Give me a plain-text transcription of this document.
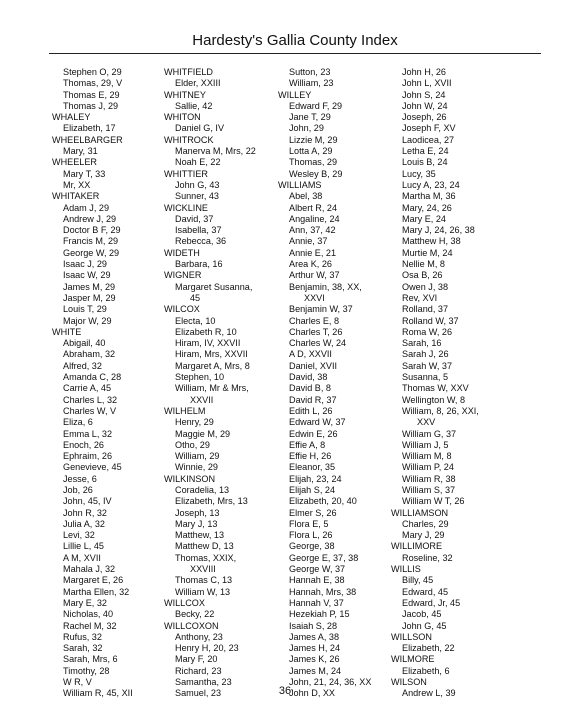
Hardesty's Gallia County Index
Stephen O, 29
Thomas, 29, V
Thomas E, 29
Thomas J, 29
WHALEY
Elizabeth, 17
WHEELBARGER
Mary, 31
WHEELER
Mary T, 33
Mr, XX
WHITAKER
Adam J, 29
Andrew J, 29
Doctor B F, 29
Francis M, 29
George W, 29
Isaac J, 29
Isaac W, 29
James M, 29
Jasper M, 29
Louis T, 29
Major W, 29
WHITE
Abigail, 40
Abraham, 32
Alfred, 32
Amanda C, 28
Carrie A, 45
Charles L, 32
Charles W, V
Eliza, 6
Emma L, 32
Enoch, 26
Ephraim, 26
Genevieve, 45
Jesse, 6
Job, 26
John, 45, IV
John R, 32
Julia A, 32
Levi, 32
Lillie L, 45
A M, XVII
Mahala J, 32
Margaret E, 26
Martha Ellen, 32
Mary E, 32
Nicholas, 40
Rachel M, 32
Rufus, 32
Sarah, 32
Sarah, Mrs, 6
Timothy, 28
W R, V
William R, 45, XII
WHITFIELD
Elder, XXIII
WHITNEY
Sallie, 42
WHITON
Daniel G, IV
WHITROCK
Manerva M, Mrs, 22
Noah E, 22
WHITTIER
John G, 43
Sunner, 43
WICKLINE
David, 37
Isabella, 37
Rebecca, 36
WIDETH
Barbara, 16
WIGNER
Margaret Susanna,
45
WILCOX
Electa, 10
Elizabeth R, 10
Hiram, IV, XXVII
Hiram, Mrs, XXVII
Margaret A, Mrs, 8
Stephen, 10
William, Mr & Mrs,
XXVII
WILHELM
Henry, 29
Maggie M, 29
Otho, 29
William, 29
Winnie, 29
WILKINSON
Coradelia, 13
Elizabeth, Mrs, 13
Joseph, 13
Mary J, 13
Matthew, 13
Matthew D, 13
Thomas, XXIX,
XXVIII
Thomas C, 13
William W, 13
WILLCOX
Becky, 22
WILLCOXON
Anthony, 23
Henry H, 20, 23
Mary F, 20
Richard, 23
Samantha, 23
Samuel, 23
Sutton, 23
William, 23
WILLEY
Edward F, 29
Jane T, 29
John, 29
Lizzie M, 29
Lotta A, 29
Thomas, 29
Wesley B, 29
WILLIAMS
Abel, 38
Albert R, 24
Angaline, 24
Ann, 37, 42
Annie, 37
Annie E, 21
Area K, 26
Arthur W, 37
Benjamin, 38, XX,
XXVI
Benjamin W, 37
Charles E, 8
Charles T, 26
Charles W, 24
A D, XXVII
Daniel, XVII
David, 38
David B, 8
David R, 37
Edith L, 26
Edward W, 37
Edwin E, 26
Effie A, 8
Effie H, 26
Eleanor, 35
Elijah, 23, 24
Elijah S, 24
Elizabeth, 20, 40
Elmer S, 26
Flora E, 5
Flora L, 26
George, 38
George E, 37, 38
George W, 37
Hannah E, 38
Hannah, Mrs, 38
Hannah V, 37
Hezekiah P, 15
Isaiah S, 28
James A, 38
James H, 24
James K, 26
James M, 24
John, 21, 24, 36, XX
John D, XX
John H, 26
John L, XVII
John S, 24
John W, 24
Joseph, 26
Joseph F, XV
Laodicea, 27
Letha E, 24
Louis B, 24
Lucy, 35
Lucy A, 23, 24
Martha M, 36
Mary, 24, 26
Mary E, 24
Mary J, 24, 26, 38
Matthew H, 38
Murtie M, 24
Nellie M, 8
Osa B, 26
Owen J, 38
Rev, XVI
Rolland, 37
Rolland W, 37
Roma W, 26
Sarah, 16
Sarah J, 26
Sarah W, 37
Susanna, 5
Thomas W, XXV
Wellington W, 8
William, 8, 26, XXI,
XXV
William G, 37
William J, 5
William M, 8
William P, 24
William R, 38
William S, 37
William W T, 26
WILLIAMSON
Charles, 29
Mary J, 29
WILLIMORE
Roseline, 32
WILLIS
Billy, 45
Edward, 45
Edward, Jr, 45
Jacob, 45
John G, 45
WILLSON
Elizabeth, 22
WILMORE
Elizabeth, 6
WILSON
Andrew L, 39
36
